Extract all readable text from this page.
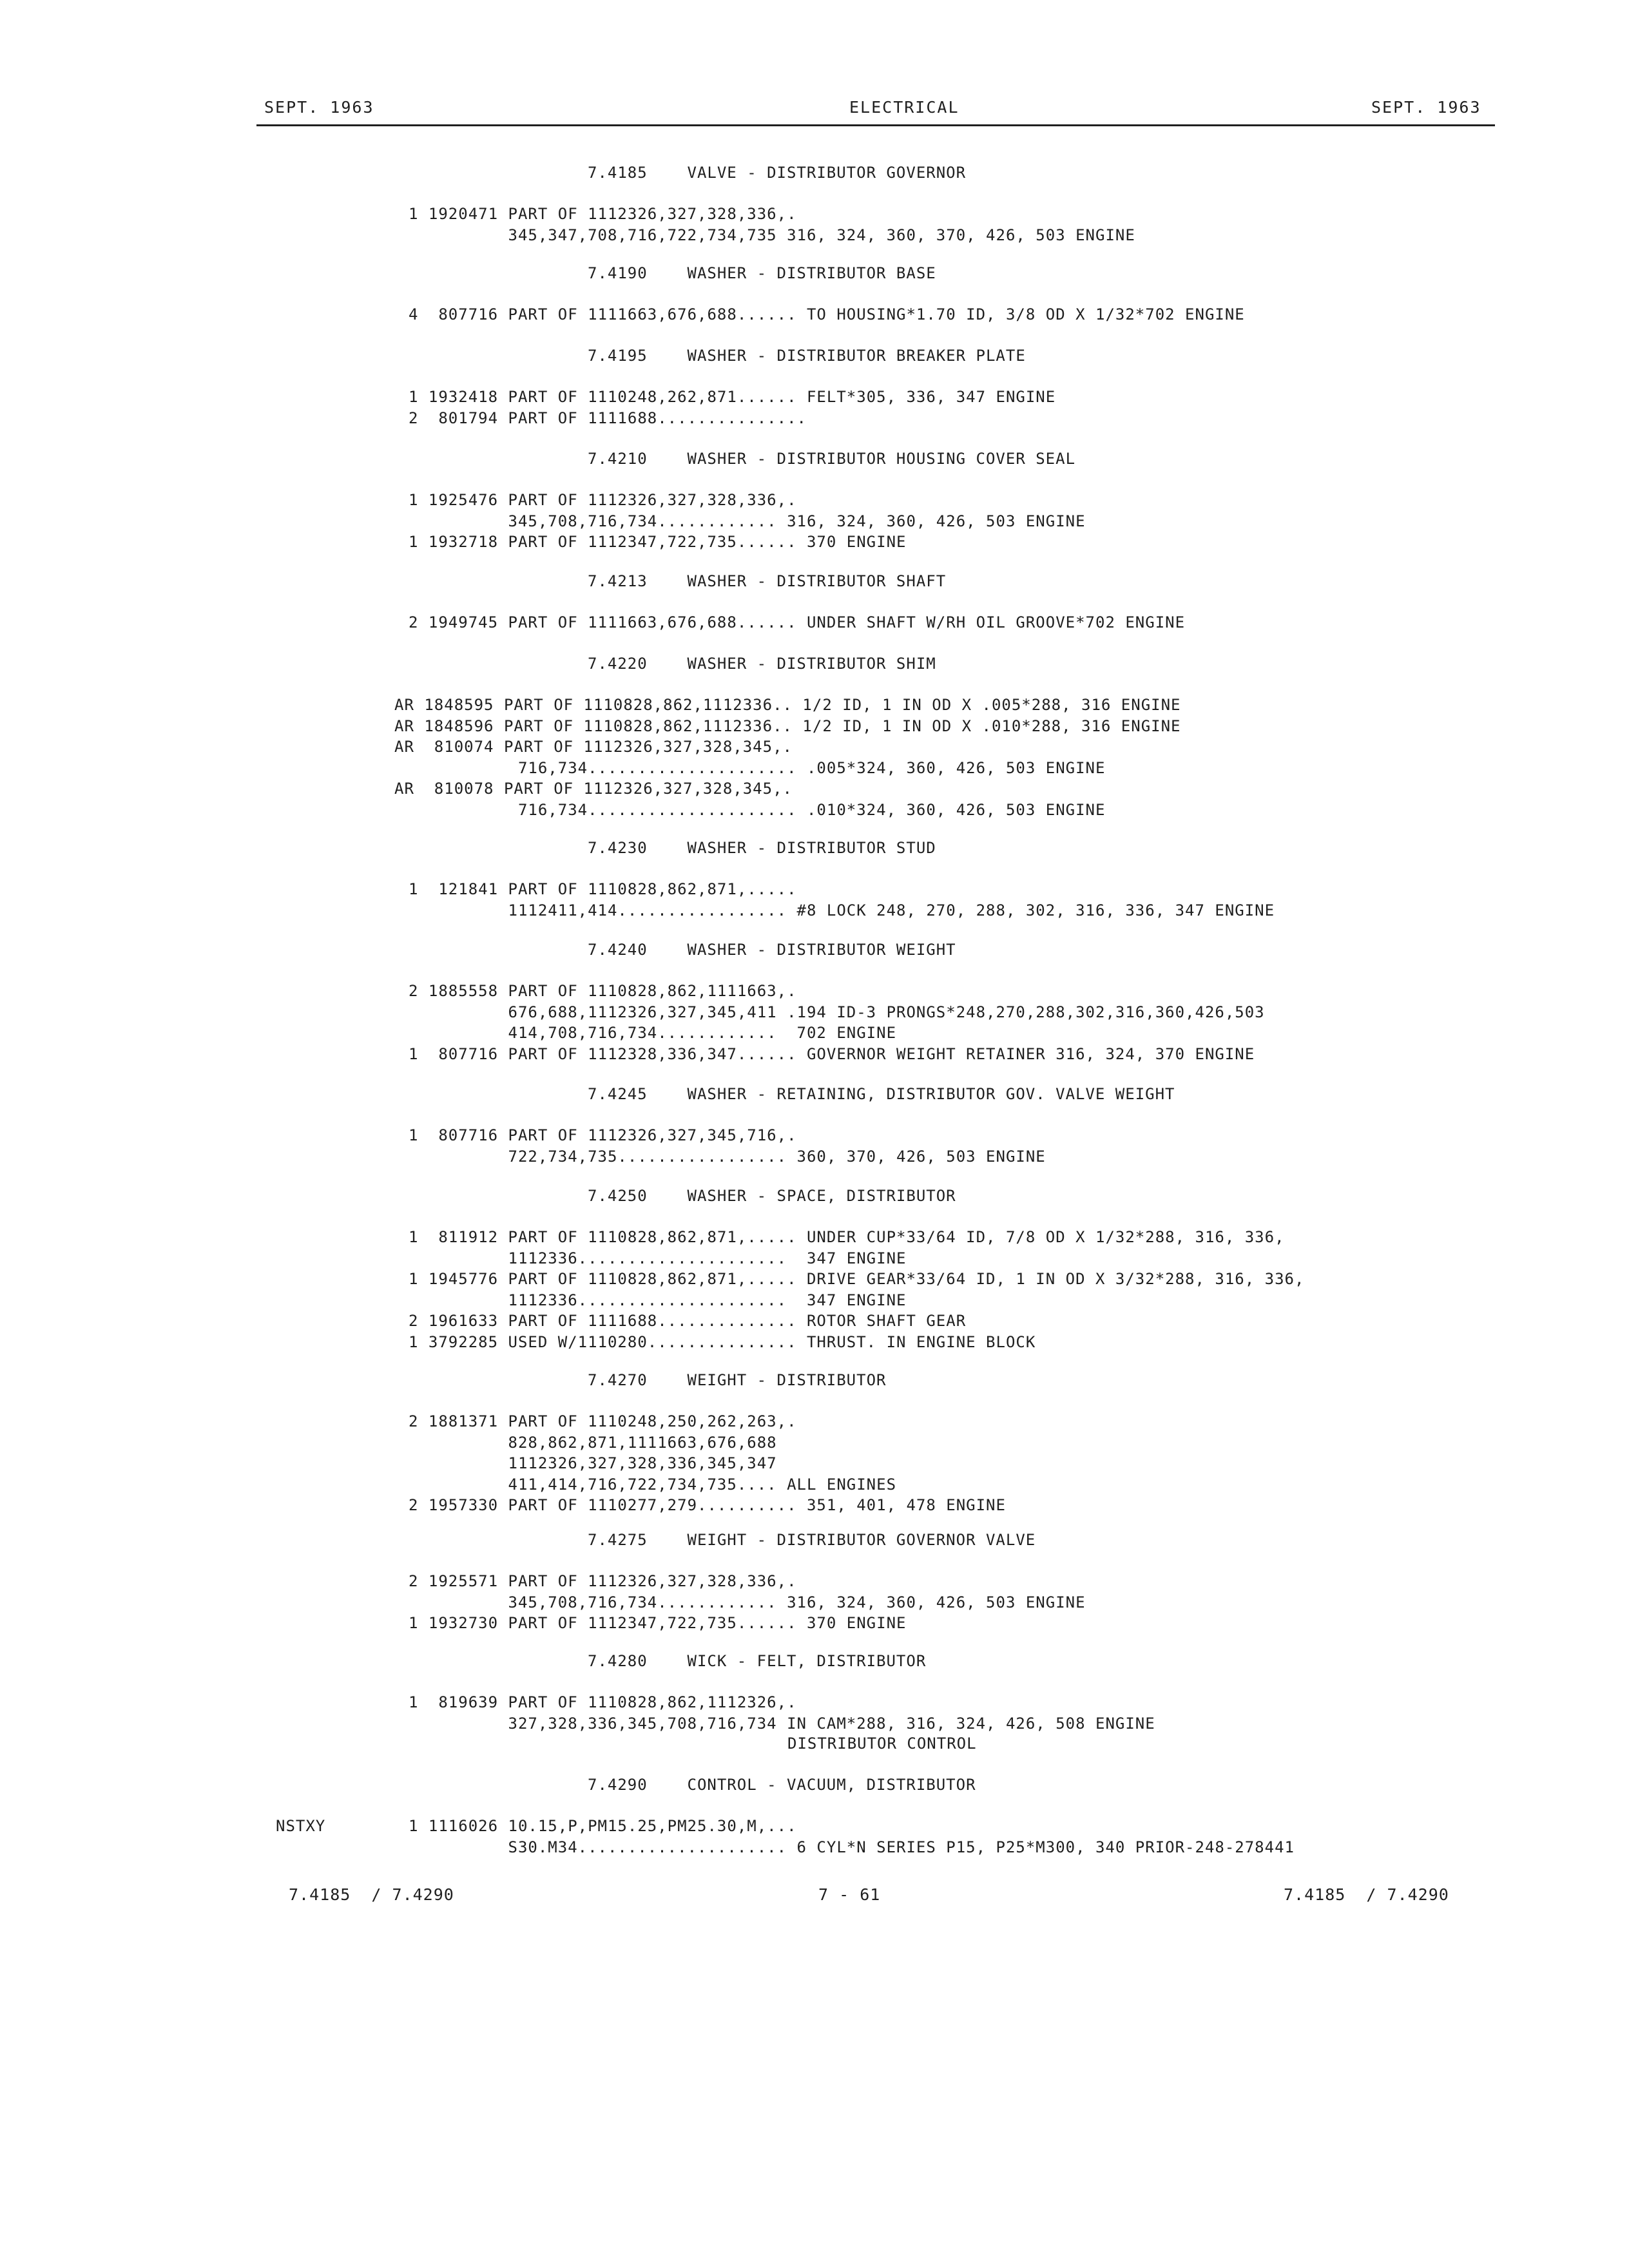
SEPT. 1963	ELECTRICAL	SEPT. 1963
7.4185    VALVE - DISTRIBUTOR GOVERNOR
1 1920471 PART OF 1112326,327,328,336,.
345,347,708,716,722,734,735 316, 324, 360, 370, 426, 503 ENGINE
7.4190    WASHER - DISTRIBUTOR BASE
4  807716 PART OF 1111663,676,688...... TO HOUSING*1.70 ID, 3/8 OD X 1/32*702 ENGINE
7.4195    WASHER - DISTRIBUTOR BREAKER PLATE
1 1932418 PART OF 1110248,262,871...... FELT*305, 336, 347 ENGINE
2  801794 PART OF 1111688...............
7.4210    WASHER - DISTRIBUTOR HOUSING COVER SEAL
1 1925476 PART OF 1112326,327,328,336,.
345,708,716,734............ 316, 324, 360, 426, 503 ENGINE
1 1932718 PART OF 1112347,722,735...... 370 ENGINE
7.4213    WASHER - DISTRIBUTOR SHAFT
2 1949745 PART OF 1111663,676,688...... UNDER SHAFT W/RH OIL GROOVE*702 ENGINE
7.4220    WASHER - DISTRIBUTOR SHIM
AR 1848595 PART OF 1110828,862,1112336.. 1/2 ID, 1 IN OD X .005*288, 316 ENGINE
AR 1848596 PART OF 1110828,862,1112336.. 1/2 ID, 1 IN OD X .010*288, 316 ENGINE
AR  810074 PART OF 1112326,327,328,345,.
716,734..................... .005*324, 360, 426, 503 ENGINE
AR  810078 PART OF 1112326,327,328,345,.
716,734..................... .010*324, 360, 426, 503 ENGINE
7.4230    WASHER - DISTRIBUTOR STUD
1  121841 PART OF 1110828,862,871,.....
1112411,414................. #8 LOCK 248, 270, 288, 302, 316, 336, 347 ENGINE
7.4240    WASHER - DISTRIBUTOR WEIGHT
2 1885558 PART OF 1110828,862,1111663,.
676,688,1112326,327,345,411 .194 ID-3 PRONGS*248,270,288,302,316,360,426,503
414,708,716,734............  702 ENGINE
1  807716 PART OF 1112328,336,347...... GOVERNOR WEIGHT RETAINER 316, 324, 370 ENGINE
7.4245    WASHER - RETAINING, DISTRIBUTOR GOV. VALVE WEIGHT
1  807716 PART OF 1112326,327,345,716,.
722,734,735................. 360, 370, 426, 503 ENGINE
7.4250    WASHER - SPACE, DISTRIBUTOR
1  811912 PART OF 1110828,862,871,..... UNDER CUP*33/64 ID, 7/8 OD X 1/32*288, 316, 336,
1112336.....................  347 ENGINE
1 1945776 PART OF 1110828,862,871,..... DRIVE GEAR*33/64 ID, 1 IN OD X 3/32*288, 316, 336,
1112336.....................  347 ENGINE
2 1961633 PART OF 1111688.............. ROTOR SHAFT GEAR
1 3792285 USED W/1110280............... THRUST. IN ENGINE BLOCK
7.4270    WEIGHT - DISTRIBUTOR
2 1881371 PART OF 1110248,250,262,263,.
828,862,871,1111663,676,688
1112326,327,328,336,345,347
411,414,716,722,734,735.... ALL ENGINES
2 1957330 PART OF 1110277,279.......... 351, 401, 478 ENGINE
7.4275    WEIGHT - DISTRIBUTOR GOVERNOR VALVE
2 1925571 PART OF 1112326,327,328,336,.
345,708,716,734............ 316, 324, 360, 426, 503 ENGINE
1 1932730 PART OF 1112347,722,735...... 370 ENGINE
7.4280    WICK - FELT, DISTRIBUTOR
1  819639 PART OF 1110828,862,1112326,.
327,328,336,345,708,716,734 IN CAM*288, 316, 324, 426, 508 ENGINE
DISTRIBUTOR CONTROL
7.4290    CONTROL - VACUUM, DISTRIBUTOR
NSTXY	1 1116026 10.15,P,PM15.25,PM25.30,M,...
S30.M34..................... 6 CYL*N SERIES P15, P25*M300, 340 PRIOR-248-278441
7.4185  / 7.4290	7 - 61	7.4185  / 7.4290
